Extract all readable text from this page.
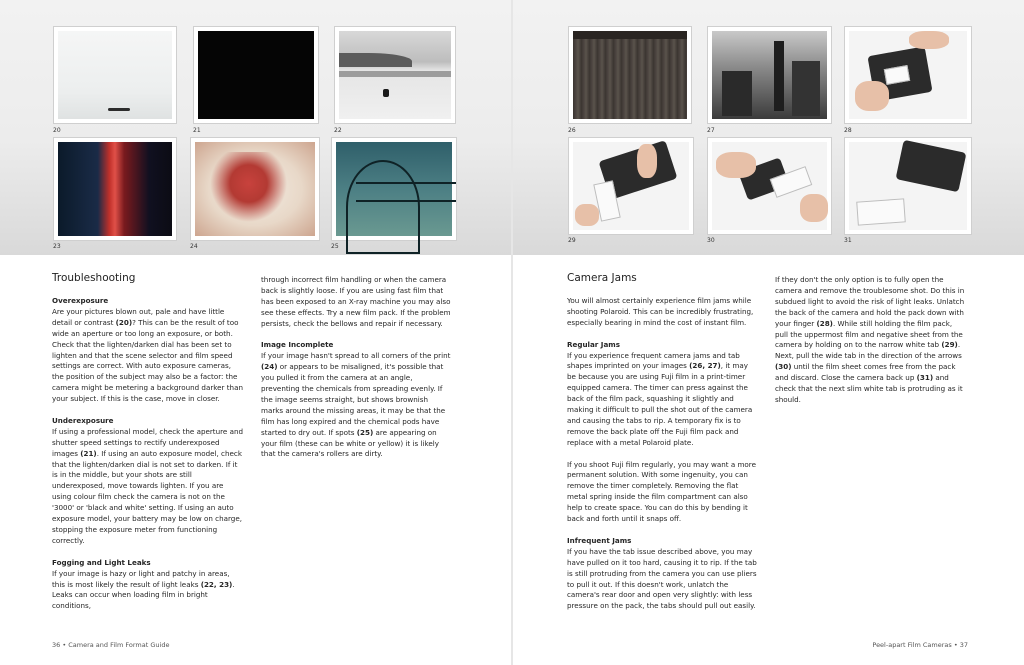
20	21	22
23	24	25
26	27	28
29	30	31
Troubleshooting
Overexposure

Are your pictures blown out, pale and have little detail or contrast (20)? This can be the result of too wide an aperture or too long an exposure, or both. Check that the lighten/darken dial has been set to lighten and that the scene selector and film speed settings are correct. With auto exposure cameras, the position of the subject may also be a factor: the camera might be metering a background darker than your subject. If this is the case, move in closer.

Underexposure

If using a professional model, check the aperture and shutter speed settings to rectify underexposed images (21). If using an auto exposure model, check that the lighten/darken dial is not set to darken. If it is in the middle, but your shots are still underexposed, move towards lighten. If you are using colour film check the camera is not on the '3000' or 'black and white' setting. If using an auto exposure model, your battery may be low on charge, stopping the exposure meter from functioning correctly.

Fogging and Light Leaks

If your image is hazy or light and patchy in areas, this is most likely the result of light leaks (22, 23). Leaks can occur when loading film in bright conditions,

through incorrect film handling or when the camera back is slightly loose. If you are using fast film that has been exposed to an X-ray machine you may also see these effects. Try a new film pack. If the problem persists, check the bellows and repair if necessary.

Image Incomplete

If your image hasn't spread to all corners of the print (24) or appears to be misaligned, it's possible that you pulled it from the camera at an angle, preventing the chemicals from spreading evenly. If the image seems straight, but shows brownish marks around the missing areas, it may be that the film has long expired and the chemical pods have started to dry out. If spots (25) are appearing on your film (these can be white or yellow) it is likely that the camera's rollers are dirty.

36 • Camera and Film Format Guide
Camera Jams

You will almost certainly experience film jams while shooting Polaroid. This can be incredibly frustrating, especially bearing in mind the cost of instant film.

Regular Jams

If you experience frequent camera jams and tab shapes imprinted on your images (26, 27), it may be because you are using Fuji film in a print-timer equipped camera. The timer can press against the back of the film pack, squashing it slightly and making it difficult to pull the shot out of the camera and causing the tabs to rip. A temporary fix is to remove the back plate off the Fuji film pack and replace with a metal Polaroid plate.

If you shoot Fuji film regularly, you may want a more permanent solution. With some ingenuity, you can remove the timer completely. Removing the flat metal spring inside the film compartment can also help to create space. You can do this by bending it back and forth until it snaps off.

Infrequent Jams

If you have the tab issue described above, you may have pulled on it too hard, causing it to rip. If the tab is still protruding from the camera you can use pliers to pull it out. If this doesn't work, unlatch the camera's rear door and open very slightly: with less pressure on the pack, the tabs should pull out easily.

If they don't the only option is to fully open the camera and remove the troublesome shot. Do this in subdued light to avoid the risk of light leaks. Unlatch the back of the camera and hold the pack down with your finger (28). While still holding the film pack, pull the uppermost film and negative sheet from the camera by holding on to the narrow white tab (29). Next, pull the wide tab in the direction of the arrows (30) until the film sheet comes free from the pack and discard. Close the camera back up (31) and check that the next slim white tab is protruding as it should.

Peel-apart Film Cameras • 37
